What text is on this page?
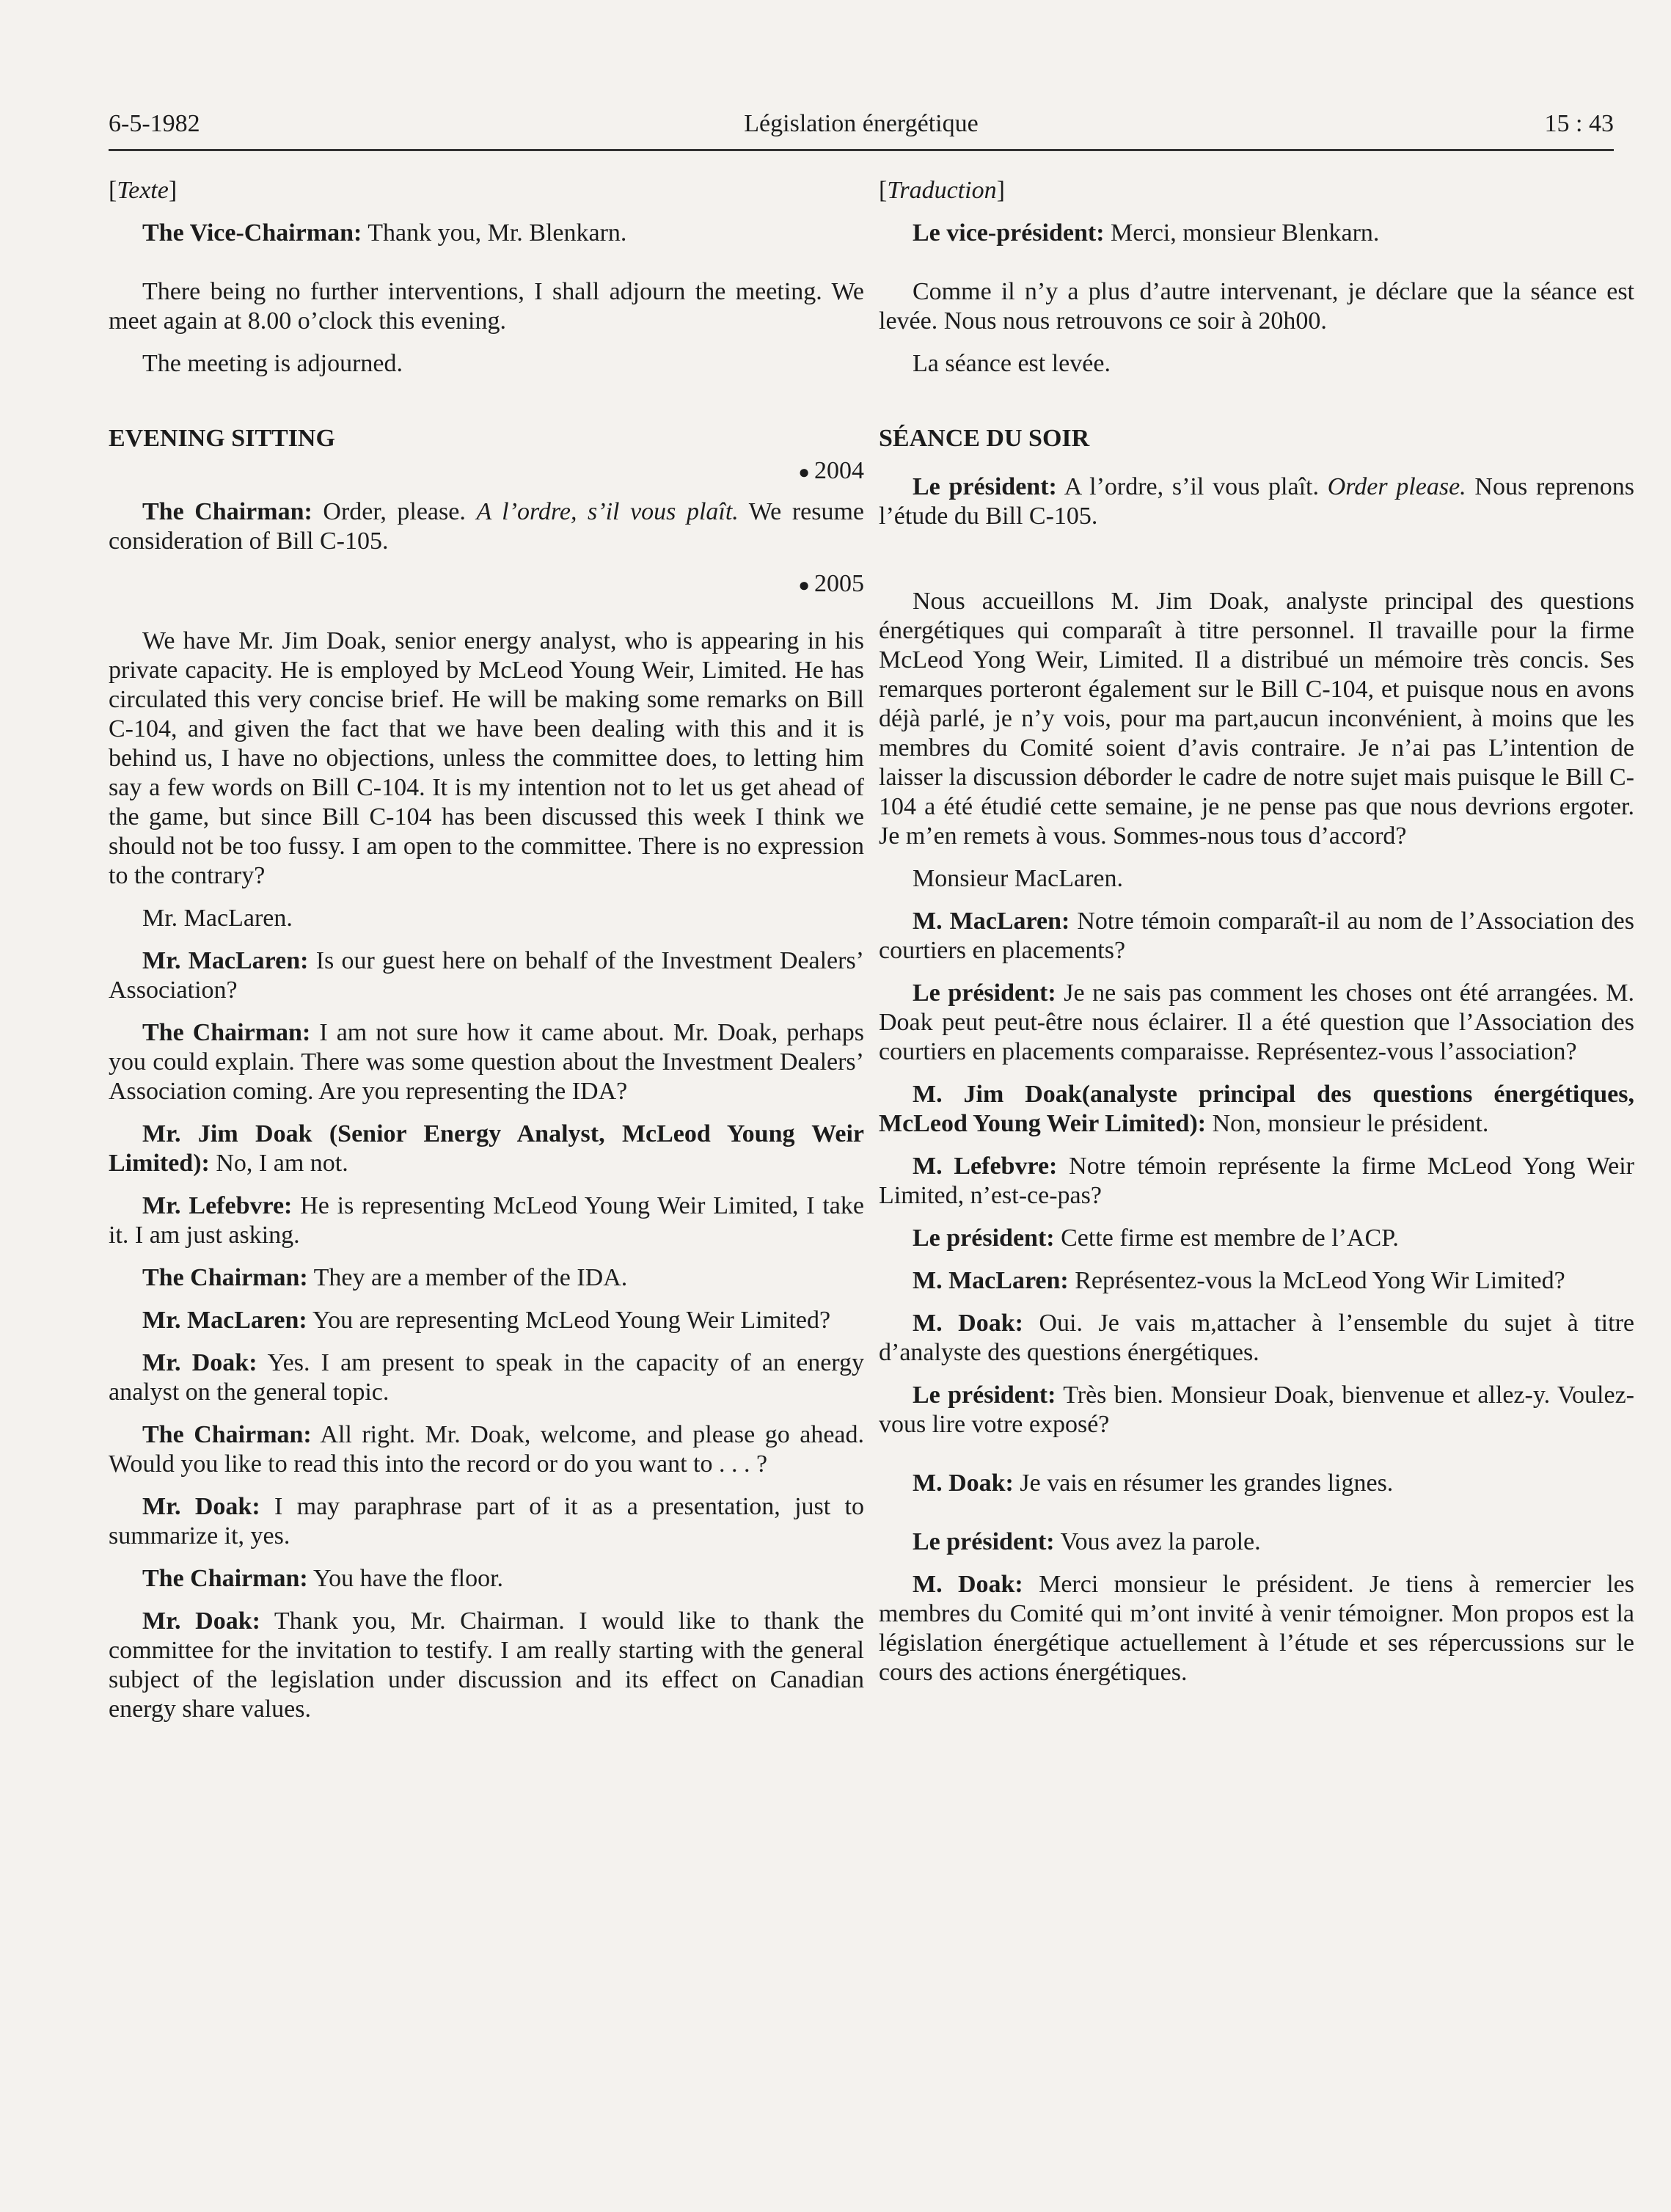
6-5-1982	Législation énergétique	15 : 43

[Texte]

The Vice-Chairman: Thank you, Mr. Blenkarn.

There being no further interventions, I shall adjourn the meeting. We meet again at 8.00 o’clock this evening.

The meeting is adjourned.

EVENING SITTING

● 2004

The Chairman: Order, please. A l’ordre, s’il vous plaît. We resume consideration of Bill C-105.

● 2005

We have Mr. Jim Doak, senior energy analyst, who is appearing in his private capacity. He is employed by McLeod Young Weir, Limited. He has circulated this very concise brief. He will be making some remarks on Bill C-104, and given the fact that we have been dealing with this and it is behind us, I have no objections, unless the committee does, to letting him say a few words on Bill C-104. It is my intention not to let us get ahead of the game, but since Bill C-104 has been discussed this week I think we should not be too fussy. I am open to the committee. There is no expression to the contrary?

Mr. MacLaren.

Mr. MacLaren: Is our guest here on behalf of the Investment Dealers’ Association?

The Chairman: I am not sure how it came about. Mr. Doak, perhaps you could explain. There was some question about the Investment Dealers’ Association coming. Are you representing the IDA?

Mr. Jim Doak (Senior Energy Analyst, McLeod Young Weir Limited): No, I am not.

Mr. Lefebvre: He is representing McLeod Young Weir Limited, I take it. I am just asking.

The Chairman: They are a member of the IDA.

Mr. MacLaren: You are representing McLeod Young Weir Limited?

Mr. Doak: Yes. I am present to speak in the capacity of an energy analyst on the general topic.

The Chairman: All right. Mr. Doak, welcome, and please go ahead. Would you like to read this into the record or do you want to . . . ?

Mr. Doak: I may paraphrase part of it as a presentation, just to summarize it, yes.

The Chairman: You have the floor.

Mr. Doak: Thank you, Mr. Chairman. I would like to thank the committee for the invitation to testify. I am really starting with the general subject of the legislation under discussion and its effect on Canadian energy share values.

[Traduction]

Le vice-président: Merci, monsieur Blenkarn.

Comme il n’y a plus d’autre intervenant, je déclare que la séance est levée. Nous nous retrouvons ce soir à 20h00.

La séance est levée.

SÉANCE DU SOIR

Le président: A l’ordre, s’il vous plaît. Order please. Nous reprenons l’étude du Bill C-105.

Nous accueillons M. Jim Doak, analyste principal des questions énergétiques qui comparaît à titre personnel. Il travaille pour la firme McLeod Yong Weir, Limited. Il a distribué un mémoire très concis. Ses remarques porteront également sur le Bill C-104, et puisque nous en avons déjà parlé, je n’y vois, pour ma part,aucun inconvénient, à moins que les membres du Comité soient d’avis contraire. Je n’ai pas L’intention de laisser la discussion déborder le cadre de notre sujet mais puisque le Bill C-104 a été étudié cette semaine, je ne pense pas que nous devrions ergoter. Je m’en remets à vous. Sommes-nous tous d’accord?

Monsieur MacLaren.

M. MacLaren: Notre témoin comparaît-il au nom de l’Association des courtiers en placements?

Le président: Je ne sais pas comment les choses ont été arrangées. M. Doak peut peut-être nous éclairer. Il a été question que l’Association des courtiers en placements comparaisse. Représentez-vous l’association?

M. Jim Doak(analyste principal des questions énergétiques, McLeod Young Weir Limited): Non, monsieur le président.

M. Lefebvre: Notre témoin représente la firme McLeod Yong Weir Limited, n’est-ce-pas?

Le président: Cette firme est membre de l’ACP.

M. MacLaren: Représentez-vous la McLeod Yong Wir Limited?

M. Doak: Oui. Je vais m,attacher à l’ensemble du sujet à titre d’analyste des questions énergétiques.

Le président: Très bien. Monsieur Doak, bienvenue et allez-y. Voulez-vous lire votre exposé?

M. Doak: Je vais en résumer les grandes lignes.

Le président: Vous avez la parole.

M. Doak: Merci monsieur le président. Je tiens à remercier les membres du Comité qui m’ont invité à venir témoigner. Mon propos est la législation énergétique actuellement à l’étude et ses répercussions sur le cours des actions énergétiques.
